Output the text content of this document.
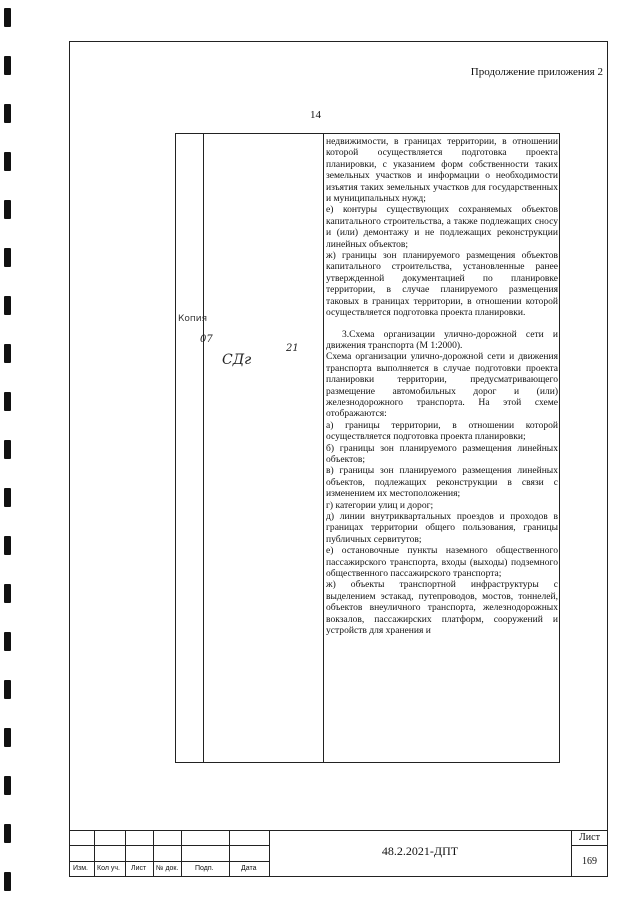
Продолжение приложения 2
14
Копия
07
СДг
21

недвижимости, в границах территории, в отношении которой осуществляется подготовка проекта планировки, с указанием форм собственности таких земельных участков и информации о необходимости изъятия таких земельных участков для государственных и муниципальных нужд;

е) контуры существующих сохраняемых объектов капитального строительства, а также подлежащих сносу и (или) демонтажу и не подлежащих реконструкции линейных объектов;

ж) границы зон планируемого размещения объектов капитального строительства, установленные ранее утвержденной документацией по планировке территории, в случае планируемого размещения таковых в границах территории, в отношении которой осуществляется подготовка проекта планировки.

3.Схема организации улично-дорожной сети и движения транспорта (М 1:2000).

Схема организации улично-дорожной сети и движения транспорта выполняется в случае подготовки проекта планировки территории, предусматривающего размещение автомобильных дорог и (или) железнодорожного транспорта. На этой схеме отображаются:

а) границы территории, в отношении которой осуществляется подготовка проекта планировки;

б) границы зон планируемого размещения линейных объектов;

в) границы зон планируемого размещения линейных объектов, подлежащих реконструкции в связи с изменением их местоположения;

г) категории улиц и дорог;

д) линии внутриквартальных проездов и проходов в границах территории общего пользования, границы публичных сервитутов;

е) остановочные пункты наземного общественного пассажирского транспорта, входы (выходы) подземного общественного пассажирского транспорта;

ж) объекты транспортной инфраструктуры с выделением эстакад, путепроводов, мостов, тоннелей, объектов внеуличного транспорта, железнодорожных вокзалов, пассажирских платформ, сооружений и устройств для хранения и

Изм. Кол уч. Лист № док. Подп.	Дата
48.2.2021-ДПТ
Лист
169
